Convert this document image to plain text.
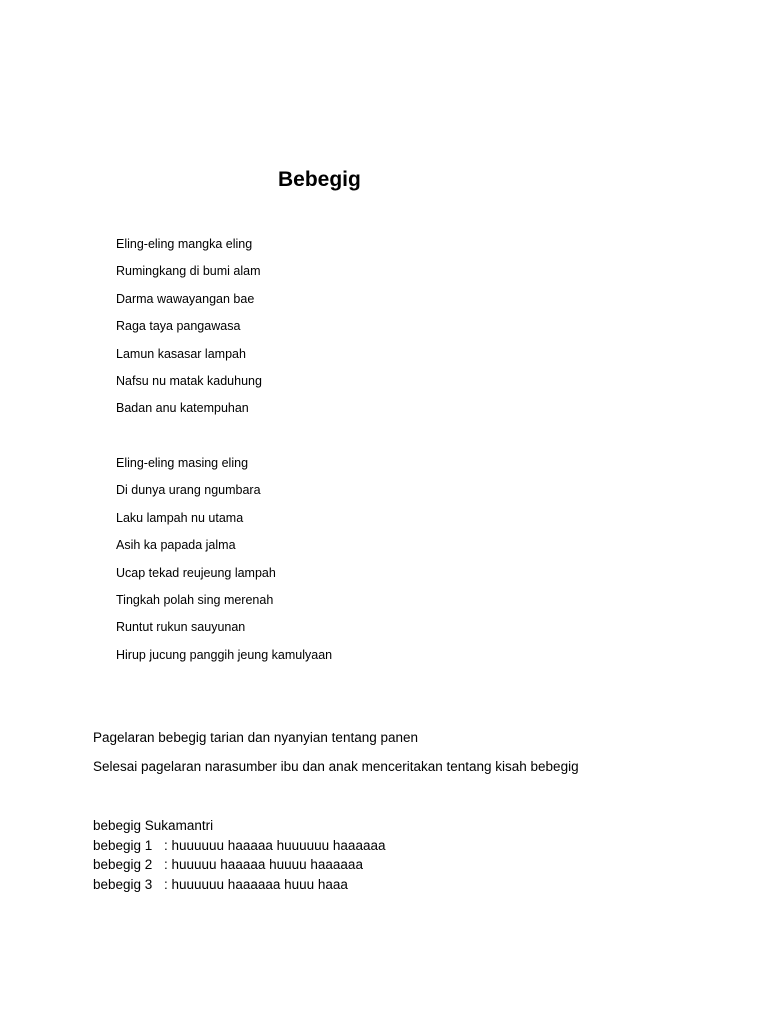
Bebegig
Eling-eling mangka eling
Rumingkang di bumi alam
Darma wawayangan bae
Raga taya pangawasa
Lamun kasasar lampah
Nafsu nu matak kaduhung
Badan anu katempuhan
Eling-eling masing eling
Di dunya urang ngumbara
Laku lampah nu utama
Asih ka papada jalma
Ucap tekad reujeung lampah
Tingkah polah sing merenah
Runtut rukun sauyunan
Hirup jucung panggih jeung kamulyaan

Pagelaran bebegig tarian dan nyanyian tentang panen

Selesai pagelaran narasumber ibu dan anak menceritakan tentang kisah bebegig

bebegig Sukamantri
bebegig 1 : huuuuuu haaaaa huuuuuu haaaaaa
bebegig 2 : huuuuu haaaaa huuuu haaaaaa
bebegig 3 : huuuuuu haaaaaa huuu haaa
